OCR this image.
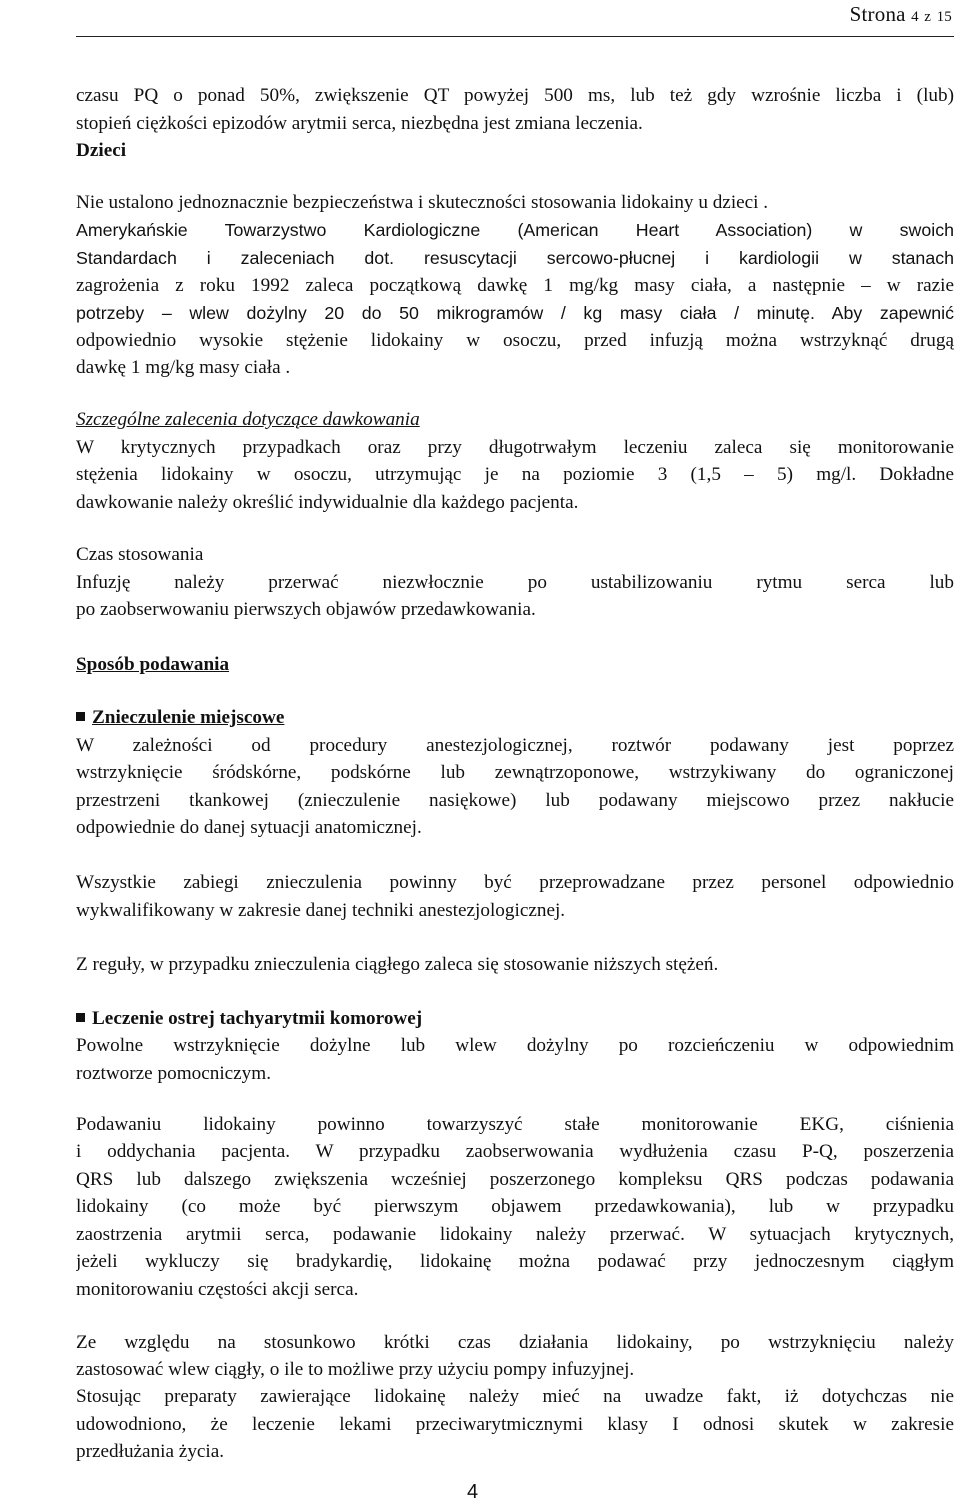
Strona 4 z 15

czasu PQ o ponad 50%, zwiększenie QT powyżej 500 ms, lub też gdy wzrośnie liczba i (lub)

stopień ciężkości epizodów arytmii serca, niezbędna jest zmiana leczenia.

Dzieci

Nie ustalono jednoznacznie bezpieczeństwa i skuteczności stosowania lidokainy u dzieci .

Amerykańskie Towarzystwo Kardiologiczne (American Heart Association) w swoich

Standardach i zaleceniach dot. resuscytacji sercowo-płucnej i kardiologii w stanach

zagrożenia z roku 1992 zaleca początkową dawkę 1 mg/kg masy ciała, a następnie – w razie

potrzeby – wlew dożylny 20 do 50 mikrogramów / kg masy ciała / minutę. Aby zapewnić

odpowiednio wysokie stężenie lidokainy w osoczu, przed infuzją można wstrzyknąć drugą

dawkę 1 mg/kg masy ciała .

Szczególne zalecenia dotyczące dawkowania

W krytycznych przypadkach oraz przy długotrwałym leczeniu zaleca się monitorowanie

stężenia lidokainy w osoczu, utrzymując je na poziomie 3 (1,5 – 5) mg/l. Dokładne

dawkowanie należy określić indywidualnie dla każdego pacjenta.

Czas stosowania

Infuzję należy przerwać niezwłocznie po ustabilizowaniu rytmu serca lub

po zaobserwowaniu pierwszych objawów przedawkowania.

Sposób podawania

Znieczulenie miejscowe

W zależności od procedury anestezjologicznej, roztwór podawany jest poprzez

wstrzyknięcie śródskórne, podskórne lub zewnątrzoponowe, wstrzykiwany do ograniczonej

przestrzeni tkankowej (znieczulenie nasiękowe) lub podawany miejscowo przez nakłucie

odpowiednie do danej sytuacji anatomicznej.

Wszystkie zabiegi znieczulenia powinny być przeprowadzane przez personel odpowiednio

wykwalifikowany w zakresie danej techniki anestezjologicznej.

Z reguły, w przypadku znieczulenia ciągłego zaleca się stosowanie niższych stężeń.

Leczenie ostrej tachyarytmii komorowej

Powolne wstrzyknięcie dożylne lub wlew dożylny po rozcieńczeniu w odpowiednim

roztworze pomocniczym.

Podawaniu lidokainy powinno towarzyszyć stałe monitorowanie EKG, ciśnienia

i oddychania pacjenta. W przypadku zaobserwowania wydłużenia czasu P-Q, poszerzenia

QRS lub dalszego zwiększenia wcześniej poszerzonego kompleksu QRS podczas podawania

lidokainy (co może być pierwszym objawem przedawkowania), lub w przypadku

zaostrzenia arytmii serca, podawanie lidokainy należy przerwać. W sytuacjach krytycznych,

jeżeli wykluczy się bradykardię, lidokainę można podawać przy jednoczesnym ciągłym

monitorowaniu częstości akcji serca.

Ze względu na stosunkowo krótki czas działania lidokainy, po wstrzyknięciu należy

zastosować wlew ciągły, o ile to możliwe przy użyciu pompy infuzyjnej.

Stosując preparaty zawierające lidokainę należy mieć na uwadze fakt, iż dotychczas nie

udowodniono, że leczenie lekami przeciwarytmicznymi klasy I odnosi skutek w zakresie

przedłużania życia.

4
